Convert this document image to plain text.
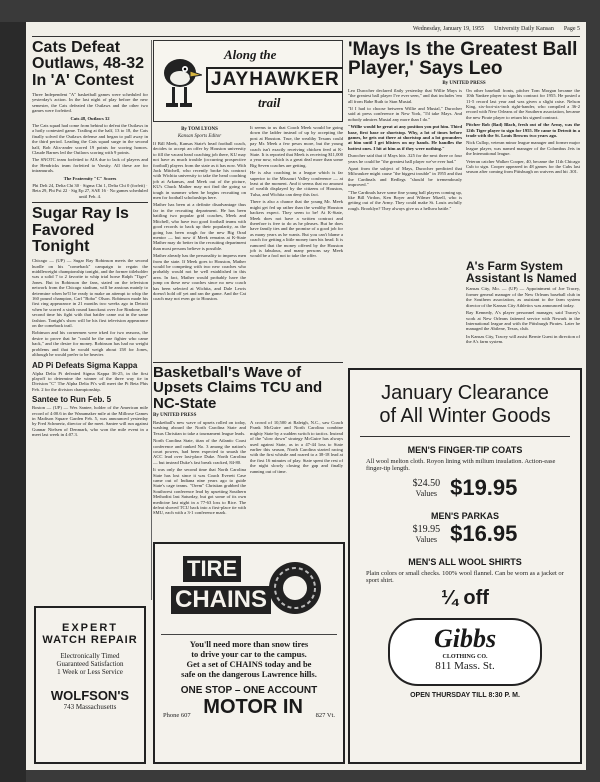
Wednesday, January 19, 1955 University Daily Kansan Page 5
Cats Defeat Outlaws, 48-32 In 'A' Contest

Three Independent "A" basketball games were scheduled for yesterday's action. In the last night of play before the new semester, the Cats defeated the Outlaws and the other two games were forfeited.

Cats 48, Outlaws 32

The Cats squad had come from behind to defeat the Outlaws in a hotly contested game. Trailing at the half, 13 to 18, the Cats finally solved the Outlaws defense and began to pull away in the third period. Leading the Cats squad surge in the second half, Bob Alix-ander scored 19 points for scoring honors. Claude Barnes led the Outlaws scoring with 9 points.

The SNOTC team forfeited to AIA due to lack of players and the Hendricks team forfeited to Varsity. All these are for intramurals.

The Fraternity "C" Scores

Phi Delt 24, Delta Chi 30 · Sigma Chi 1, Delta Chi 0 (forfeit) · Beta 29, Phi Psi 22 · Sig Ep 27, SAE 16 · No games scheduled until Feb. 4.

Sugar Ray Is Favored Tonight

Chicago — (UP) — Sugar Ray Robinson meets the second hurdle on his "comeback" campaign to regain the middleweight championship tonight, and the former titleholder was a solid 7 to 2 favorite to whip trial horse Ralph "Tiger" Jones. But in Robinson the fans, stated on the television network from the Chicago stadium, will be anxious mainly to determine when he'll be ready to make an attempt to whip the 160 pound champion, Carl "Bobo" Olson. Robinson made his first ring appearance in 21 months two weeks ago in Detroit when he scored a sixth round knockout over Joe Rindone, the second time his fight with that battler came out in the same fashion. Tonight's show will be his first television appearance on the comeback trail.

Robinson and his cornermen were irked for two reasons, the desire to prove that he "could be the one fighter who came back," and the desire for money. Robinson has had no weight problems and that he would weigh about 158 for Jones, although he would prefer to be heavier.

AD Pi Defeats Sigma Kappa

Alpha Delta Pi defeated Sigma Kappa 36-25, in the first playoff to determine the winner of the three way tie in Division "C" The Alpha Delta Pi's will meet the Pi Beta Phis Feb. 2 for the division championship.

Santee to Run Feb. 5

Boston — (UP) — Wes Santee, holder of the American mile record of 4:00.6 in the Wanamaker mile at the Millrose Games in Madison Square Garden Feb. 5, was announced yesterday by Fred Schmertz, director of the meet. Santee will run against Gunnar Nielsen of Denmark, who won the mile event in a meet last week in 4:07.3.

EXPERT

WATCH REPAIR

Electronically Timed

Guaranteed Satisfaction

1 Week or Less Service

WOLFSON'S

743 Massachusetts

Along the
JAYHAWKER
trail
By TOM LYONS
Kansan Sports Editor

If Bill Meek, Kansas State's head football coach, decides to accept an offer by Houston university to fill the vacant head coaching job there, KU may not have as much trouble (occurring prospective football) players from the state as it has now. With Jack Mitchell, who recently broke his contract with Wichita university to take the head coaching job at Arkansas, and Meek out of the picture, KU's Chuck Mather may not find the going so tough in summer when he begins recruiting on men for football scholarships here.

Mather has been at a definite disadvantage thus far in the recruiting department. He has been battling two popular grid coaches, Meek and Mitchell, who have two good football teams with good records to back up their popularity, as the going has been rough for the new Big Orad mentor — but now if Meek remains at K-State Mather may do better in the recruiting department than most persons believe is possible.

Mather already has the personality to impress men from the state. If Meek goes to Houston, Mather would be competing with two new coaches who probably would not be well established in this area. In fact, Mather would probably have the jump on these new coaches since no new coach has been selected at Wichita, and Dale Lewis doesn't hold off yet and ran the game. And the Cat coach may not even go to Houston.

It seems to us that Coach Meek would be going down the ladder instead of up by accepting the post at Houston. True, the wealthy Texans could pay Mr. Meek a few pesos more, but the young coach isn't exactly receiving chicken feed at K-State. It is reported that Meek is receiving $11,000 a year now, which is a great deal more than some Big Seven coaches are getting.

He is also coaching in a league which is far superior to the Missouri Valley conference — at least at the moment. And it seems that no amount of wealth displayed by the citizens of Houston, Tulsa, and Wichita can deny this fact.

There is also a chance that the young Mr. Meek might get fed up rather than the wealthy Houston backers expect. They seem to be! At K-State, Meek does not have a written contract and therefore is free to do as he pleases. But he does have family ties and the promise of a good job for as many years as he wants. But you can't blame a coach for getting a little money turn his head. It is rumored that the money offered by the Houston job is fabulous, and many persons say Meek would be a fool not to take the offer.

'Mays Is the Greatest Ball Player,' Says Leo
By UNITED PRESS

Leo Durocher declared flatly yesterday that Willie Mays is "the greatest ball player I've ever seen," and that includes 'em all from Babe Ruth to Stan Musial.

"If I had to choose between Willie and Musial," Durocher said at press conference in New York, "I'd take Mays. And nobody admires Musial any more than I do."

"Willie would be great at any position you put him. Third base, first base or shortstop. Why, a lot of times before games, he gets out there at shortstop and a lot grounders at him until I get blisters on my hands. He handles the hottest ones. I hit at him as if they were nothing."

Durocher said that if Mays hits .325 for the next three or four years he could be "the greatest ball player we've ever had."

Apart from the subject of Mays, Durocher predicted that Milwaukee might cause "the biggest trouble" in 1955 and that the Cardinals and Redlegs "should be tremendously improved."

"The Cardinals have some fine young ball players coming up, like Bill Virdon, Ken Boyer and Wilmer Mizell, who is getting out of the Army. They could make St. Louis awfully rough. Brooklyn? They always give us a helluva battle."

On other baseball fronts, pitcher Tom Morgan became the 10th Yankee player to sign his contract for 1955. He posted a 11-5 record last year and was given a slight raise. Nelson King, six-foot-six-inch right-hander, who compiled a 36-2 record with New Orleans of the Southern association, became the new Pirate player to return his signed contract.

Pitcher Bob (Bad) Blach, fresh out of the Army, was the 12th Tiger player to sign for 1955. He came to Detroit in a trade with the St. Louis Browns two years ago.

Nick Cullop, veteran minor league manager and former major league player, was named manager of the Columbus Jets in the International league.

Veteran catcher Walker Cooper, 40, became the 11th Chicago Cub to sign. Cooper appeared in 48 games for the Cubs last season after coming from Pittsburgh on waivers and hit .301.

A's Farm System Assistant Is Named

Kansas City, Mo. — (UP) — Appointment of Joe Tracey, former general manager of the New Orleans baseball club in the Southern association, as assistant to the farm system director of the Kansas City Athletics was announced today.

Ray Kennedy, A's player personnel manager, said Tracey's work at New Orleans fattened service with Newark in the International league and with the Pittsburgh Pirates. Later he managed the Abilene, Texas, club.

In Kansas City, Tracey will assist Bernie Guest in direction of the A's farm system.

Basketball's Wave of Upsets Claims TCU and NC-State
By UNITED PRESS

Basketball's new wave of upsets rolled on today, washing aboard the North Carolina State and Texas Christian to take a tournament league leads.

North Carolina State, titan of the Atlantic Coast conference and ranked No. 3 among the nation's court powers, had been expected to smash the ACC lead over last-place Duke. North Carolina — but instead Duke's fast break cracked, 84-80.

It was only the second time that North Carolina State has lost since it was Coach Everett Case came out of Indiana nine years ago to guide State's cage teams. "Orem" Christian grabbed the Southwest conference lead by upsetting Southern Methodist last Saturday, but got some of its own medicine last night in a 77-63 loss to Rice. The defeat shoved TCU back into a first-place tie with SMU, each with a 3-1 conference mark.

A crowd of 10,500 at Raleigh, N.C., saw Coach Frank McGuire and North Carolina combine mighty State by a sudden switch to tactics. Instead of the "slow down" strategy McGuire has always used against State, as in a 47-44 loss to State earlier this season, North Carolina started racing with the first whistle and roared to a 38-18 lead at the first 16 minutes of play. State spent the rest of the night slowly closing the gap and finally running out of time.

TIRE
CHAINS

You'll need more than snow tires

to drive your car to the campus.

Get a set of CHAINS today and be

safe on the dangerous Lawrence hills.

ONE STOP – ONE ACCOUNT

Phone 607 MOTOR IN 827 Vt.

January Clearance

of All Winter Goods

MEN'S FINGER-TIP COATS

All wool melton cloth. Royon lining with milium insulation. Action-ease finger-tip length.

$24.50
Values $19.95

MEN'S PARKAS

$19.95
Values $16.95

MEN'S ALL WOOL SHIRTS

Plain colors or small checks. 100% wool flannel. Can be worn as a jacket or sport shirt.

¼ off

Gibbs
CLOTHING CO.
811 Mass. St.

OPEN THURSDAY TILL 8:30 P. M.
